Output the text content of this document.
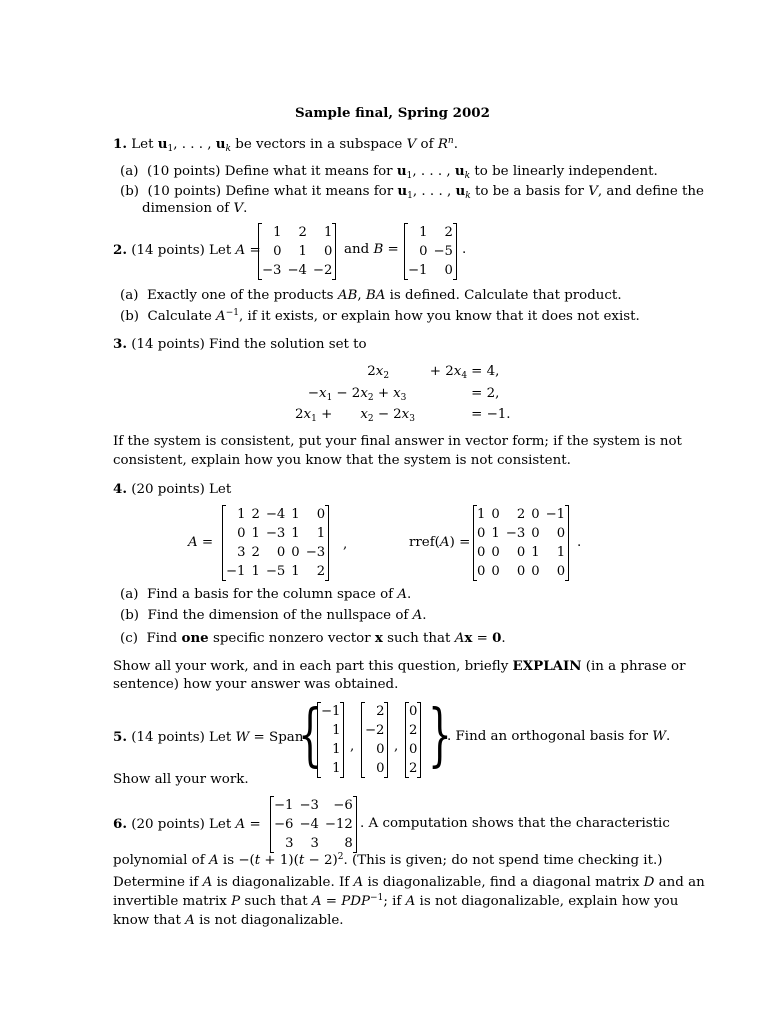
Sample final, Spring 2002
1. Let $u_1$, . . . , $u_k$ be vectors in a subspace V of $R^n$.
(a) (10 points) Define what it means for $u_1$, . . . , $u_k$ to be linearly independent.
(b) (10 points) Define what it means for $u_1$, . . . , $u_k$ to be a basis for V, and define the
dimension of V.
2. (14 points) Let A =
1	2	1
0	1	0
−3	−4	−2
and B =
1	2
0	−5
−1	0
.
(a) Exactly one of the products AB, BA is defined. Calculate that product.
(b) Calculate $A^{-1}$, if it exists, or explain how you know that it does not exist.
3. (14 points) Find the solution set to
	$2x_2$		+ $2x_4$	= 4,
$-x_1$	− $2x_2$ +	$x_3$		= 2,
$2x_1$ +	$x_2$ −	$2x_3$		= −1.
If the system is consistent, put your final answer in vector form; if the system is not
consistent, explain how you know that the system is not consistent.
4. (20 points) Let
A =
1	2	−4	1	0
0	1	−3	1	1
3	2	0	0	−3
−1	1	−5	1	2
,	rref(A) =
1	0	2	0	−1
0	1	−3	0	0
0	0	0	1	1
0	0	0	0	0
.
(a) Find a basis for the column space of A.
(b) Find the dimension of the nullspace of A.
(c) Find one specific nonzero vector x such that Ax = 0.
Show all your work, and in each part this question, briefly EXPLAIN (in a phrase or
sentence) how your answer was obtained.
5. (14 points) Let W = Span
{ −1
1
1
1
,
2
−2
0
0
,
0
2
0
2 }
. Find an orthogonal basis for W.
Show all your work.
6. (20 points) Let A =
−1	−3	−6
−6	−4	−12
3	3	8
. A computation shows that the characteristic
polynomial of A is $-(t + 1)(t - 2)^2$. (This is given; do not spend time checking it.)
Determine if A is diagonalizable. If A is diagonalizable, find a diagonal matrix D and an
invertible matrix P such that $A = PDP^{-1}$; if A is not diagonalizable, explain how you
know that A is not diagonalizable.
